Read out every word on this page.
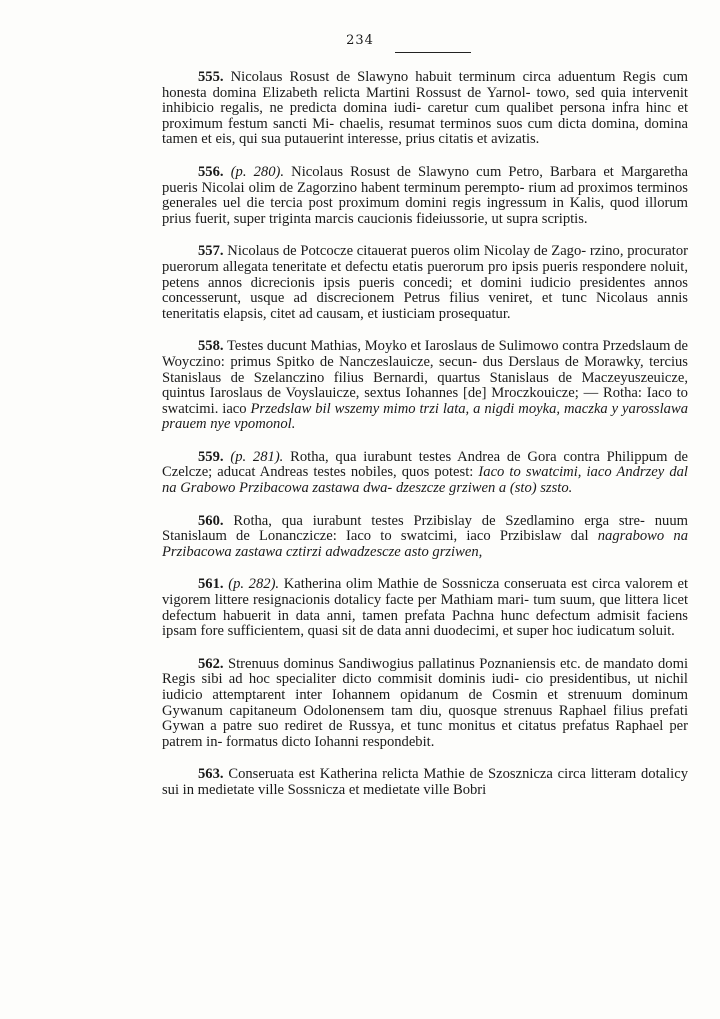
234

555. Nicolaus Rosust de Slawyno habuit terminum circa aduentum Regis cum honesta domina Elizabeth relicta Martini Rossust de Yarnol- towo, sed quia intervenit inhibicio regalis, ne predicta domina iudi- caretur cum qualibet persona infra hinc et proximum festum sancti Mi- chaelis, resumat terminos suos cum dicta domina, domina tamen et eis, qui sua putauerint interesse, prius citatis et avizatis.

556. (p. 280). Nicolaus Rosust de Slawyno cum Petro, Barbara et Margaretha pueris Nicolai olim de Zagorzino habent terminum perempto- rium ad proximos terminos generales uel die tercia post proximum domini regis ingressum in Kalis, quod illorum prius fuerit, super triginta marcis caucionis fideiussorie, ut supra scriptis.

557. Nicolaus de Potcocze citauerat pueros olim Nicolay de Zago- rzino, procurator puerorum allegata teneritate et defectu etatis puerorum pro ipsis pueris respondere noluit, petens annos dicrecionis ipsis pueris concedi; et domini iudicio presidentes annos concesserunt, usque ad discrecionem Petrus filius veniret, et tunc Nicolaus annis teneritatis elapsis, citet ad causam, et iusticiam prosequatur.

558. Testes ducunt Mathias, Moyko et Iaroslaus de Sulimowo contra Przedslaum de Woyczino: primus Spitko de Nanczeslauicze, secun- dus Derslaus de Morawky, tercius Stanislaus de Szelanczino filius Bernardi, quartus Stanislaus de Maczeyuszeuicze, quintus Iaroslaus de Voyslauicze, sextus Iohannes [de] Mroczkouicze; — Rotha: Iaco to swatcimi. iaco Przedslaw bil wszemy mimo trzi lata, a nigdi moyka, maczka y yarosslawa prauem nye vpomonol.

559. (p. 281). Rotha, qua iurabunt testes Andrea de Gora contra Philippum de Czelcze; aducat Andreas testes nobiles, quos potest: Iaco to swatcimi, iaco Andrzey dal na Grabowo Przibacowa zastawa dwa- dzeszcze grziwen a (sto) szsto.

560. Rotha, qua iurabunt testes Przibislay de Szedlamino erga stre- nuum Stanislaum de Lonanczicze: Iaco to swatcimi, iaco Przibislaw dal nagrabowo na Przibacowa zastawa cztirzi adwadzescze asto grziwen,

561. (p. 282). Katherina olim Mathie de Sossnicza conseruata est circa valorem et vigorem littere resignacionis dotalicy facte per Mathiam mari- tum suum, que littera licet defectum habuerit in data anni, tamen prefata Pachna hunc defectum admisit faciens ipsam fore sufficientem, quasi sit de data anni duodecimi, et super hoc iudicatum soluit.

562. Strenuus dominus Sandiwogius pallatinus Poznaniensis etc. de mandato domi Regis sibi ad hoc specialiter dicto commisit dominis iudi- cio presidentibus, ut nichil iudicio attemptarent inter Iohannem opidanum de Cosmin et strenuum dominum Gywanum capitaneum Odolonensem tam diu, quosque strenuus Raphael filius prefati Gywan a patre suo rediret de Russya, et tunc monitus et citatus prefatus Raphael per patrem in- formatus dicto Iohanni respondebit.

563. Conseruata est Katherina relicta Mathie de Szosznicza circa litteram dotalicy sui in medietate ville Sossnicza et medietate ville Bobri
